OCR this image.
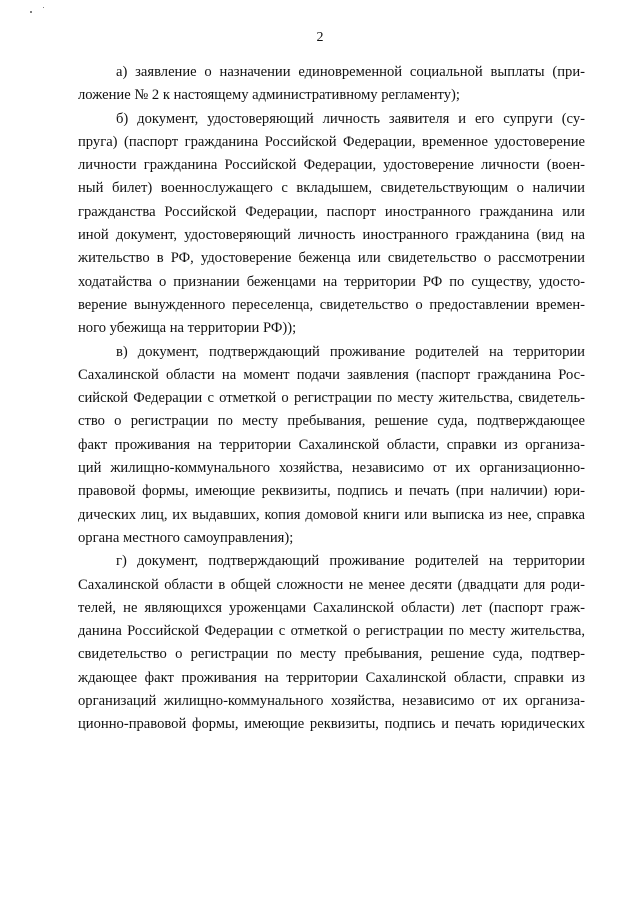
2

а) заявление о назначении единовременной социальной выплаты (при-
ложение № 2 к настоящему административному регламенту);

б) документ, удостоверяющий личность заявителя и его супруги (су-
пруга) (паспорт гражданина Российской Федерации, временное удостоверение
личности гражданина Российской Федерации, удостоверение личности (воен-
ный билет) военнослужащего с вкладышем, свидетельствующим о наличии
гражданства Российской Федерации, паспорт иностранного гражданина или
иной документ, удостоверяющий личность иностранного гражданина (вид на
жительство в РФ, удостоверение беженца или свидетельство о рассмотрении
ходатайства о признании беженцами на территории РФ по существу, удосто-
верение вынужденного переселенца, свидетельство о предоставлении времен-
ного убежища на территории РФ));

в) документ, подтверждающий проживание родителей на территории
Сахалинской области на момент подачи заявления (паспорт гражданина Рос-
сийской Федерации с отметкой о регистрации по месту жительства, свидетель-
ство о регистрации по месту пребывания, решение суда, подтверждающее
факт проживания на территории Сахалинской области, справки из организа-
ций жилищно-коммунального хозяйства, независимо от их организационно-
правовой формы, имеющие реквизиты, подпись и печать (при наличии) юри-
дических лиц, их выдавших, копия домовой книги или выписка из нее, справка
органа местного самоуправления);

г) документ, подтверждающий проживание родителей на территории
Сахалинской области в общей сложности не менее десяти (двадцати для роди-
телей, не являющихся уроженцами Сахалинской области) лет (паспорт граж-
данина Российской Федерации с отметкой о регистрации по месту жительства,
свидетельство о регистрации по месту пребывания, решение суда, подтвер-
ждающее факт проживания на территории Сахалинской области, справки из
организаций жилищно-коммунального хозяйства, независимо от их организа-
ционно-правовой формы, имеющие реквизиты, подпись и печать юридических
